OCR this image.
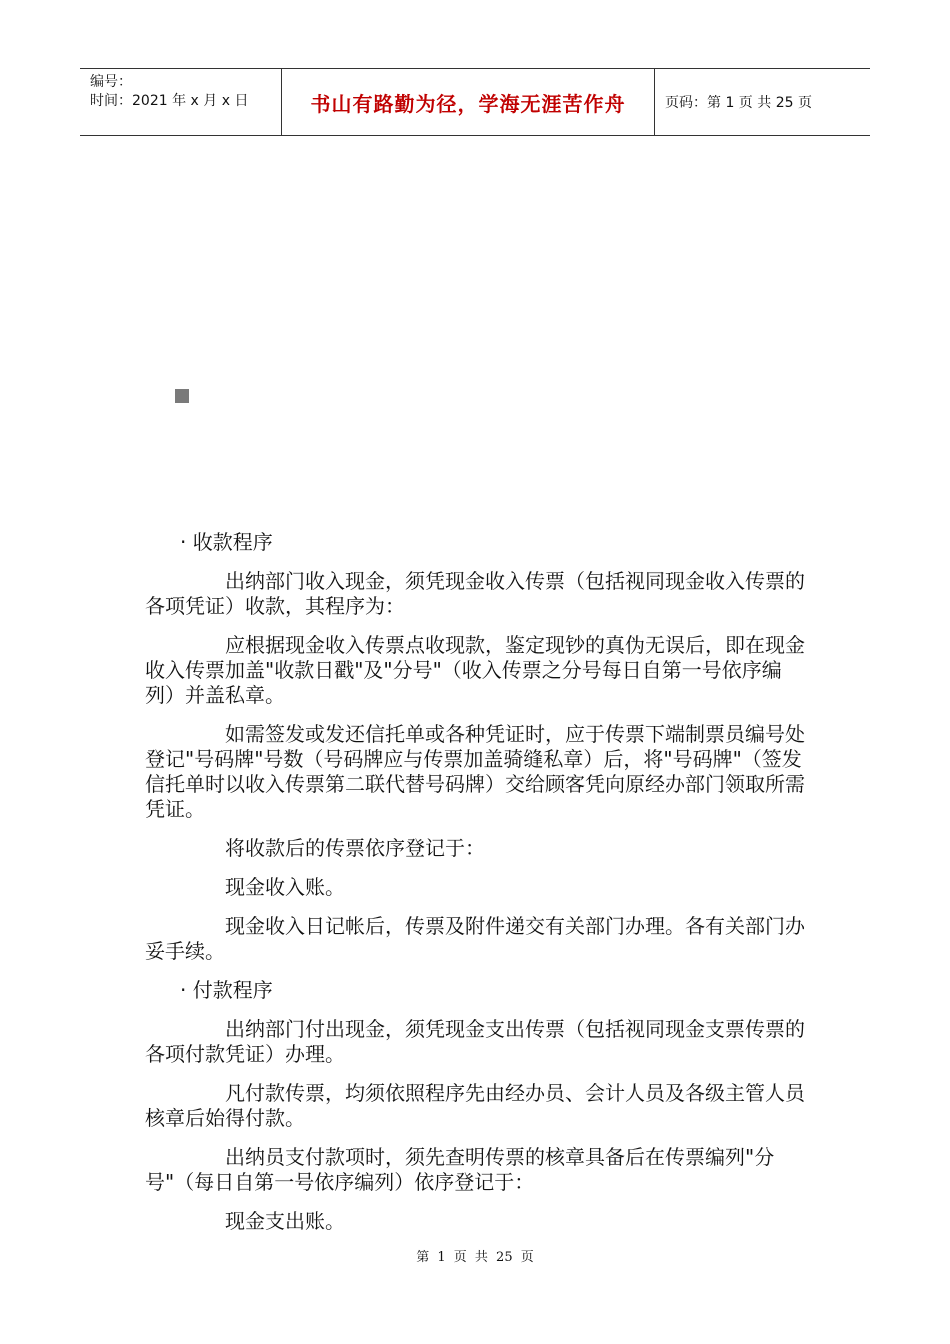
编号：
时间：2021 年 x 月 x 日	书山有路勤为径，学海无涯苦作舟	页码：第 1 页 共 25 页
· 收款程序
出纳部门收入现金，须凭现金收入传票（包括视同现金收入传票的各项凭证）收款，其程序为：
应根据现金收入传票点收现款，鉴定现钞的真伪无误后，即在现金收入传票加盖"收款日戳"及"分号"（收入传票之分号每日自第一号依序编列）并盖私章。
如需签发或发还信托单或各种凭证时，应于传票下端制票员编号处登记"号码牌"号数（号码牌应与传票加盖骑缝私章）后，将"号码牌"（签发信托单时以收入传票第二联代替号码牌）交给顾客凭向原经办部门领取所需凭证。
将收款后的传票依序登记于：
现金收入账。
现金收入日记帐后，传票及附件递交有关部门办理。各有关部门办妥手续。
· 付款程序
出纳部门付出现金，须凭现金支出传票（包括视同现金支票传票的各项付款凭证）办理。
凡付款传票，均须依照程序先由经办员、会计人员及各级主管人员核章后始得付款。
出纳员支付款项时，须先查明传票的核章具备后在传票编列"分号"（每日自第一号依序编列）依序登记于：
现金支出账。
第 1 页 共 25 页
